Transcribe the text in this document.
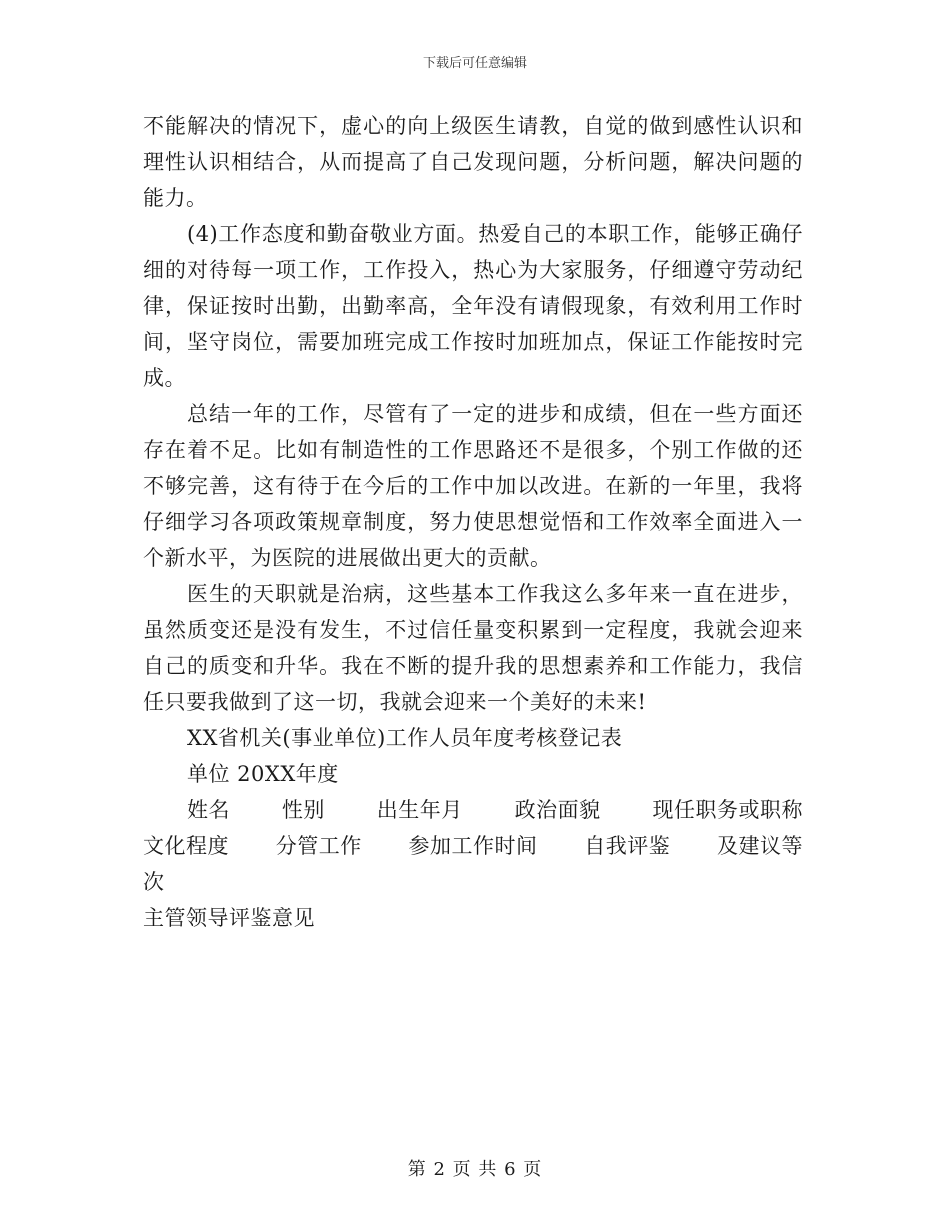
下载后可任意编辑

不能解决的情况下，虚心的向上级医生请教，自觉的做到感性认识和理性认识相结合，从而提高了自己发现问题，分析问题，解决问题的能力。

(4)工作态度和勤奋敬业方面。热爱自己的本职工作，能够正确仔细的对待每一项工作，工作投入，热心为大家服务，仔细遵守劳动纪律，保证按时出勤，出勤率高，全年没有请假现象，有效利用工作时间，坚守岗位，需要加班完成工作按时加班加点，保证工作能按时完成。

总结一年的工作，尽管有了一定的进步和成绩，但在一些方面还存在着不足。比如有制造性的工作思路还不是很多，个别工作做的还不够完善，这有待于在今后的工作中加以改进。在新的一年里，我将仔细学习各项政策规章制度，努力使思想觉悟和工作效率全面进入一个新水平，为医院的进展做出更大的贡献。

医生的天职就是治病，这些基本工作我这么多年来一直在进步，虽然质变还是没有发生，不过信任量变积累到一定程度，我就会迎来自己的质变和升华。我在不断的提升我的思想素养和工作能力，我信任只要我做到了这一切，我就会迎来一个美好的未来!

XX省机关(事业单位)工作人员年度考核登记表

单位 20XX年度

姓名 性别 出生年月 政治面貌 现任职务或职称
文化程度 分管工作 参加工作时间 自我评鉴 及建议等

次

主管领导评鉴意见

第 2 页 共 6 页
